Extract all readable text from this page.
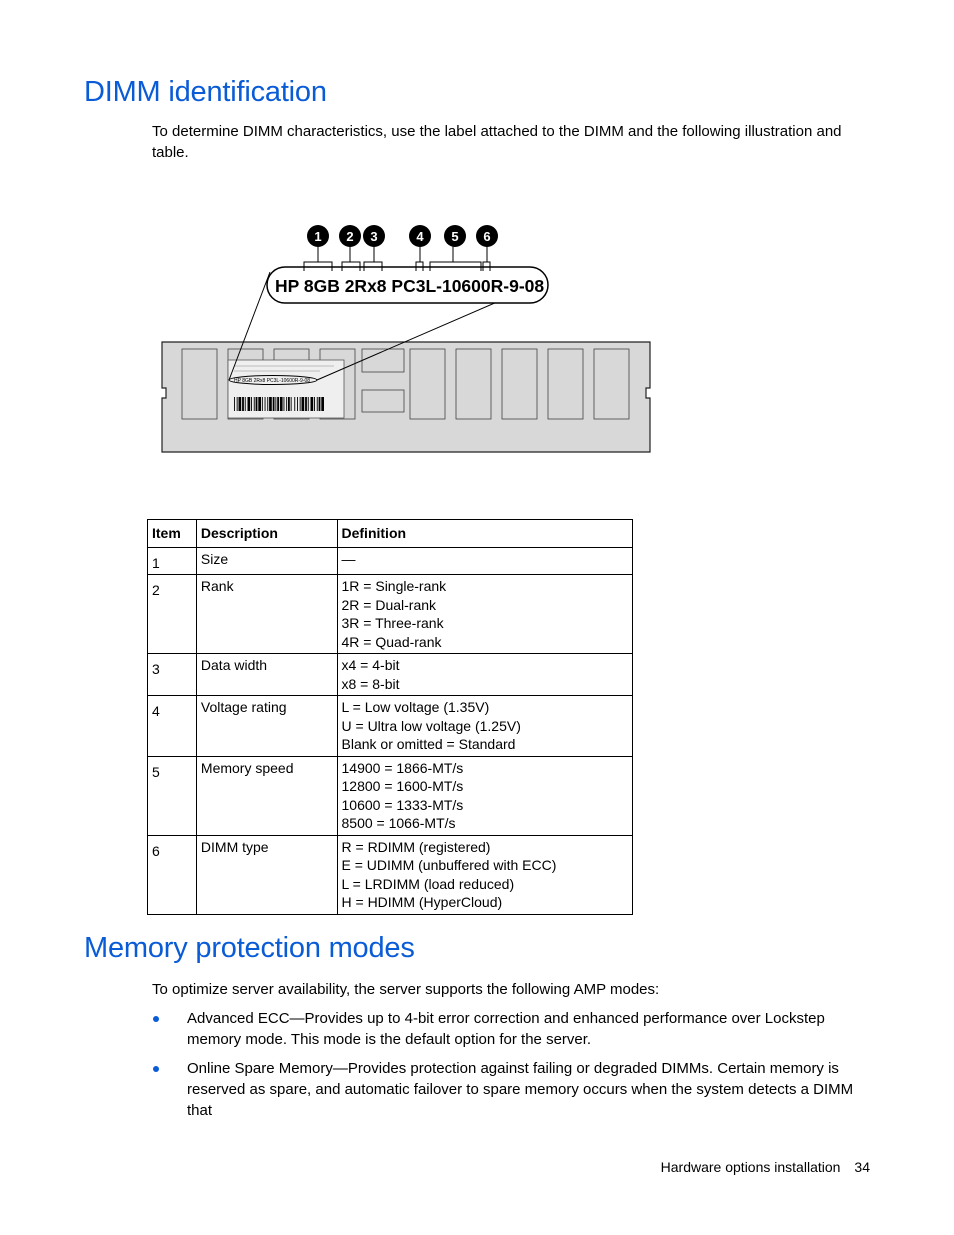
DIMM identification

To determine DIMM characteristics, use the label attached to the DIMM and the following illustration and table.

HP 8GB 2Rx8 PC3L-10600R-9-08
HP 8GB 2Rx8 PC3L-10600R-9-08
1 2 3	4 5 6
Item	Description	Definition
1	Size	—

2	Rank	1R = Single-rank
2R = Dual-rank
3R = Three-rank
4R = Quad-rank

3	Data width	x4 = 4-bit
x8 = 8-bit

4	Voltage rating	L = Low voltage (1.35V)
U = Ultra low voltage (1.25V)
Blank or omitted = Standard

5	Memory speed	14900 = 1866-MT/s
12800 = 1600-MT/s
10600 = 1333-MT/s
8500 = 1066-MT/s

6	DIMM type	R = RDIMM (registered)
E = UDIMM (unbuffered with ECC)
L = LRDIMM (load reduced)
H = HDIMM (HyperCloud)
Memory protection modes

To optimize server availability, the server supports the following AMP modes:

Advanced ECC—Provides up to 4-bit error correction and enhanced performance over Lockstep memory mode. This mode is the default option for the server.
Online Spare Memory—Provides protection against failing or degraded DIMMs. Certain memory is reserved as spare, and automatic failover to spare memory occurs when the system detects a DIMM that
Hardware options installation 34
